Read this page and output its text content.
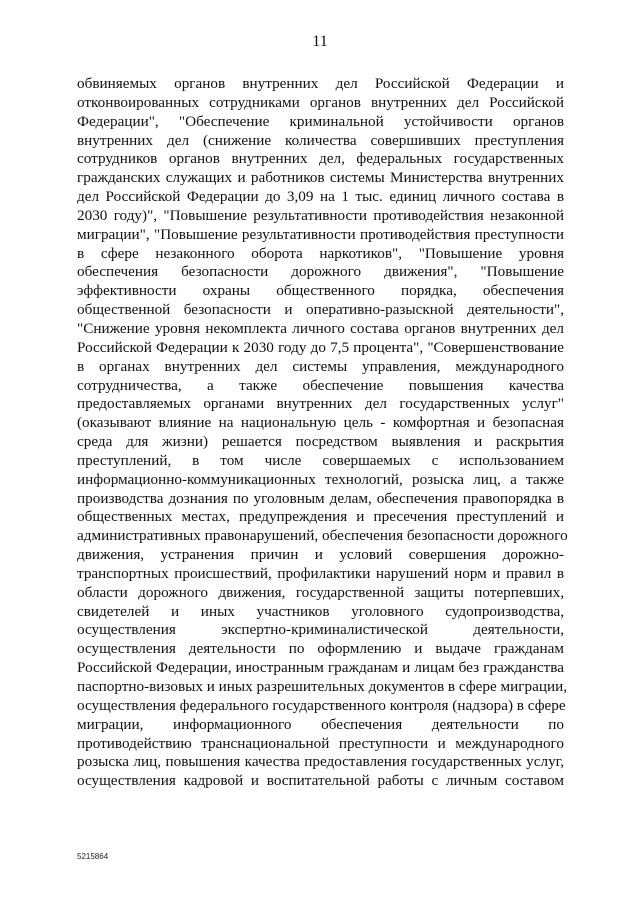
11
обвиняемых органов внутренних дел Российской Федерации и
отконвоированных сотрудниками органов внутренних дел Российской
Федерации", "Обеспечение криминальной устойчивости органов
внутренних дел (снижение количества совершивших преступления
сотрудников органов внутренних дел, федеральных государственных
гражданских служащих и работников системы Министерства внутренних
дел Российской Федерации до 3,09 на 1 тыс. единиц личного состава в
2030 году)", "Повышение результативности противодействия незаконной
миграции", "Повышение результативности противодействия преступности
в сфере незаконного оборота наркотиков", "Повышение уровня
обеспечения безопасности дорожного движения", "Повышение
эффективности охраны общественного порядка, обеспечения
общественной безопасности и оперативно-разыскной деятельности",
"Снижение уровня некомплекта личного состава органов внутренних дел
Российской Федерации к 2030 году до 7,5 процента", "Совершенствование
в органах внутренних дел системы управления, международного
сотрудничества, а также обеспечение повышения качества
предоставляемых органами внутренних дел государственных услуг"
(оказывают влияние на национальную цель - комфортная и безопасная
среда для жизни) решается посредством выявления и раскрытия
преступлений, в том числе совершаемых с использованием
информационно-коммуникационных технологий, розыска лиц, а также
производства дознания по уголовным делам, обеспечения правопорядка в
общественных местах, предупреждения и пресечения преступлений и
административных правонарушений, обеспечения безопасности дорожного
движения, устранения причин и условий совершения дорожно-
транспортных происшествий, профилактики нарушений норм и правил в
области дорожного движения, государственной защиты потерпевших,
свидетелей и иных участников уголовного судопроизводства,
осуществления экспертно-криминалистической деятельности,
осуществления деятельности по оформлению и выдаче гражданам
Российской Федерации, иностранным гражданам и лицам без гражданства
паспортно-визовых и иных разрешительных документов в сфере миграции,
осуществления федерального государственного контроля (надзора) в сфере
миграции, информационного обеспечения деятельности по
противодействию транснациональной преступности и международного
розыска лиц, повышения качества предоставления государственных услуг,
осуществления кадровой и воспитательной работы с личным составом
5215864
